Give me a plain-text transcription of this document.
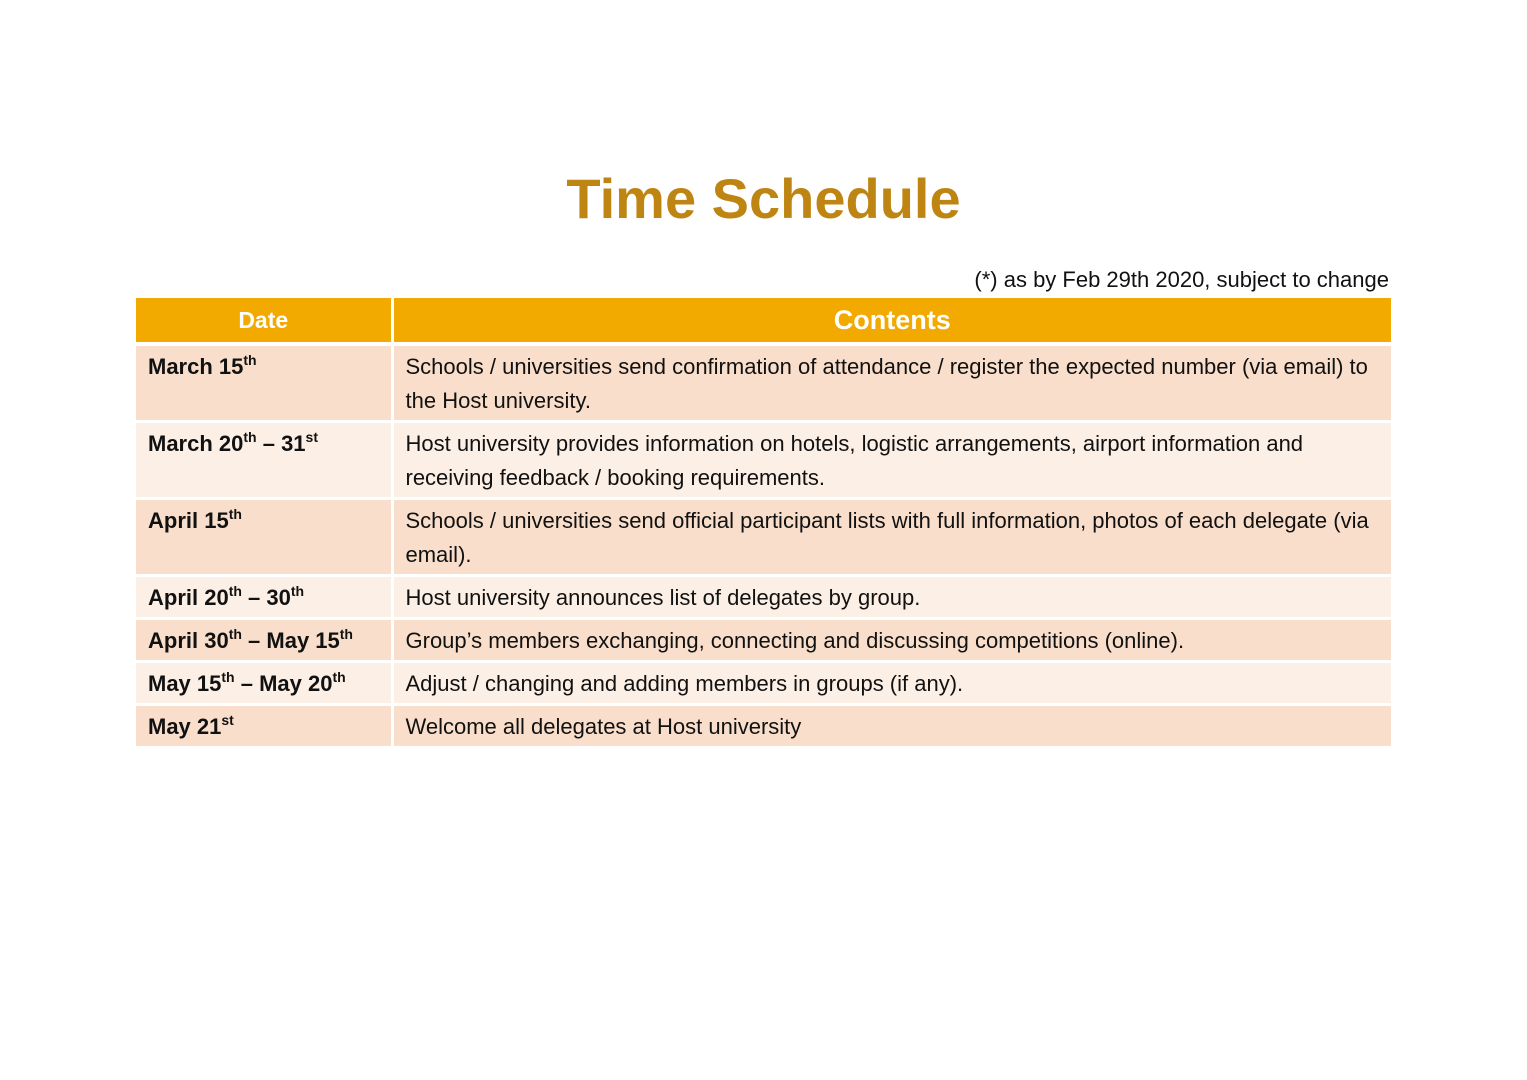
Time Schedule
(*) as by Feb 29th 2020, subject to change
Date	Contents
March 15th	Schools / universities send confirmation of attendance / register the expected number (via email) to the Host university.
March 20th – 31st	Host university provides information on hotels, logistic arrangements, airport information and receiving feedback / booking requirements.
April 15th	Schools / universities send official participant lists with full information, photos of each delegate (via email).
April 20th – 30th	Host university announces list of delegates by group.
April 30th – May 15th	Group’s members exchanging, connecting and discussing competitions (online).
May 15th – May 20th	Adjust / changing and adding members in groups (if any).
May 21st	Welcome all delegates at Host university
